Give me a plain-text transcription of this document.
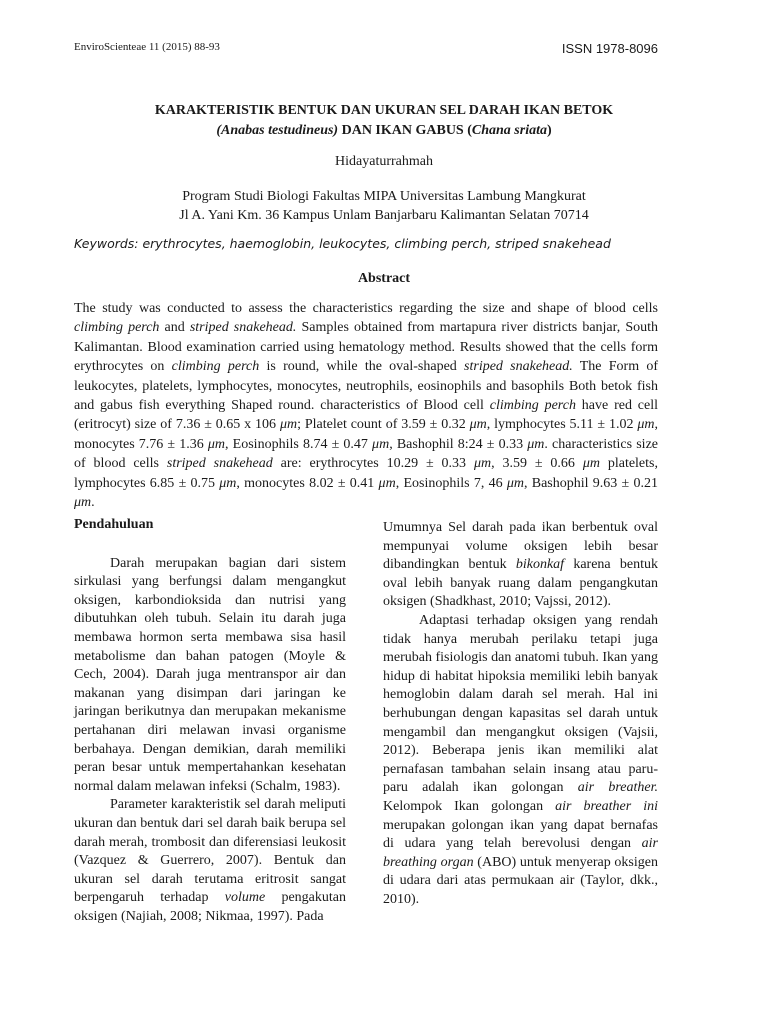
EnviroScienteae 11 (2015) 88-93	ISSN 1978-8096
KARAKTERISTIK BENTUK DAN UKURAN SEL DARAH IKAN BETOK
(Anabas testudineus) DAN IKAN GABUS (Chana sriata)
Hidayaturrahmah
Program Studi Biologi Fakultas MIPA Universitas Lambung Mangkurat
Jl A. Yani Km. 36 Kampus Unlam Banjarbaru Kalimantan Selatan 70714
Keywords: erythrocytes, haemoglobin, leukocytes, climbing perch, striped snakehead
Abstract

The study was conducted to assess the characteristics regarding the size and shape of blood cells climbing perch and striped snakehead. Samples obtained from martapura river districts banjar, South Kalimantan. Blood examination carried using hematology method. Results showed that the cells form erythrocytes on climbing perch is round, while the oval-shaped striped snakehead. The Form of leukocytes, platelets, lymphocytes, monocytes, neutrophils, eosinophils and basophils Both betok fish and gabus fish everything Shaped round. characteristics of Blood cell climbing perch have red cell (eritrocyt) size of 7.36 ± 0.65 x 106 μm; Platelet count of 3.59 ± 0.32 μm, lymphocytes 5.11 ± 1.02 μm, monocytes 7.76 ± 1.36 μm, Eosinophils 8.74 ± 0.47 μm, Bashophil 8:24 ± 0.33 μm. characteristics size of blood cells striped snakehead are: erythrocytes 10.29 ± 0.33 μm, 3.59 ± 0.66 μm platelets, lymphocytes 6.85 ± 0.75 μm, monocytes 8.02 ± 0.41 μm, Eosinophils 7, 46 μm, Bashophil 9.63 ± 0.21 μm.

Pendahuluan

Darah merupakan bagian dari sistem sirkulasi yang berfungsi dalam mengangkut oksigen, karbondioksida dan nutrisi yang dibutuhkan oleh tubuh. Selain itu darah juga membawa hormon serta membawa sisa hasil metabolisme dan bahan patogen (Moyle & Cech, 2004). Darah juga mentranspor air dan makanan yang disimpan dari jaringan ke jaringan berikutnya dan merupakan mekanisme pertahanan diri melawan invasi organisme berbahaya. Dengan demikian, darah memiliki peran besar untuk mempertahankan kesehatan normal dalam melawan infeksi (Schalm, 1983).

Parameter karakteristik sel darah meliputi ukuran dan bentuk dari sel darah baik berupa sel darah merah, trombosit dan diferensiasi leukosit (Vazquez & Guerrero, 2007). Bentuk dan ukuran sel darah terutama eritrosit sangat berpengaruh terhadap volume pengakutan oksigen (Najiah, 2008; Nikmaa, 1997). Pada

Umumnya Sel darah pada ikan berbentuk oval mempunyai volume oksigen lebih besar dibandingkan bentuk bikonkaf karena bentuk oval lebih banyak ruang dalam pengangkutan oksigen (Shadkhast, 2010; Vajssi, 2012).

Adaptasi terhadap oksigen yang rendah tidak hanya merubah perilaku tetapi juga merubah fisiologis dan anatomi tubuh. Ikan yang hidup di habitat hipoksia memiliki lebih banyak hemoglobin dalam darah sel merah. Hal ini berhubungan dengan kapasitas sel darah untuk mengambil dan mengangkut oksigen (Vajsii, 2012). Beberapa jenis ikan memiliki alat pernafasan tambahan selain insang atau paru- paru adalah ikan golongan air breather. Kelompok Ikan golongan air breather ini merupakan golongan ikan yang dapat bernafas di udara yang telah berevolusi dengan air breathing organ (ABO) untuk menyerap oksigen di udara dari atas permukaan air (Taylor, dkk., 2010).
